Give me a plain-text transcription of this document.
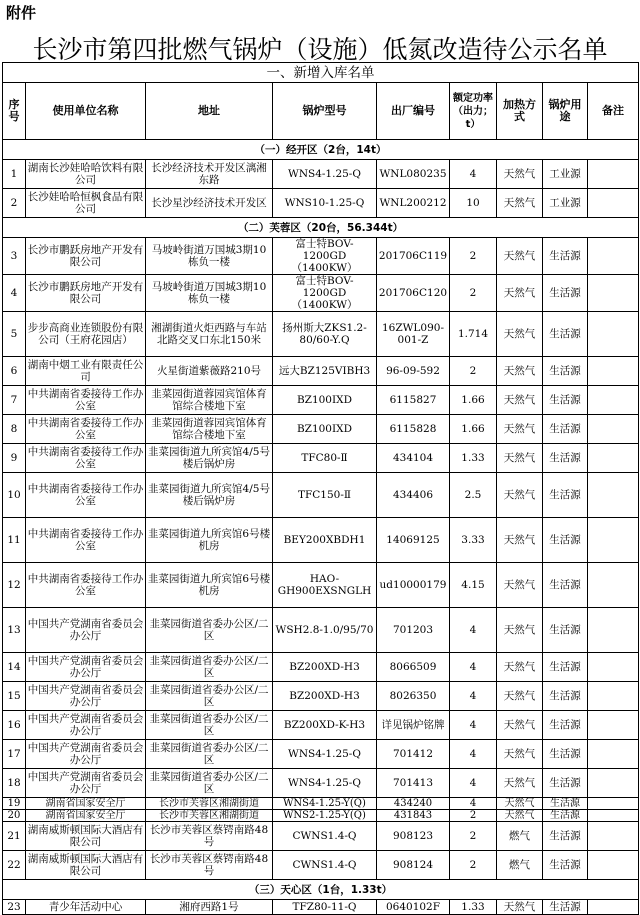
附件
长沙市第四批燃气锅炉（设施）低氮改造待公示名单
一、新增入库名单								
序号	使用单位名称	地址	锅炉型号	出厂编号	额定功率（出力；t）	加热方式	锅炉用途	备注
（一）经开区（2台，14t）								
1	湖南长沙娃哈哈饮料有限公司	长沙经济技术开发区漓湘东路	WNS4-1.25-Q	WNL080235	4	天然气	工业源	
2	长沙娃哈哈恒枫食品有限公司	长沙星沙经济技术开发区	WNS10-1.25-Q	WNL200212	10	天然气	工业源	
（二）芙蓉区（20台，56.344t）								
3	长沙市鹏跃房地产开发有限公司	马坡岭街道万国城3期10栋负一楼	富士特BOV-1200GD（1400KW）	201706C119	2	天然气	生活源	
4	长沙市鹏跃房地产开发有限公司	马坡岭街道万国城3期10栋负一楼	富士特BOV-1200GD（1400KW）	201706C120	2	天然气	生活源	
5	步步高商业连锁股份有限公司（王府花园店）	湘湖街道火炬西路与车站北路交叉口东北150米	扬州斯大ZKS1.2-80/60-Y.Q	16ZWL090-001-Z	1.714	天然气	生活源	
6	湖南中烟工业有限责任公司	火星街道紫薇路210号	远大BZ125VIBH3	96-09-592	2	天然气	生活源	
7	中共湖南省委接待工作办公室	韭菜园街道蓉园宾馆体育馆综合楼地下室	BZ100IXD	6115827	1.66	天然气	生活源	
8	中共湖南省委接待工作办公室	韭菜园街道蓉园宾馆体育馆综合楼地下室	BZ100IXD	6115828	1.66	天然气	生活源	
9	中共湖南省委接待工作办公室	韭菜园街道九所宾馆4/5号楼后锅炉房	TFC80-Ⅱ	434104	1.33	天然气	生活源	
10	中共湖南省委接待工作办公室	韭菜园街道九所宾馆4/5号楼后锅炉房	TFC150-Ⅱ	434406	2.5	天然气	生活源	
11	中共湖南省委接待工作办公室	韭菜园街道九所宾馆6号楼机房	BEY200XBDH1	14069125	3.33	天然气	生活源	
12	中共湖南省委接待工作办公室	韭菜园街道九所宾馆6号楼机房	HAO-GH900EXSNGLH	ud10000179	4.15	天然气	生活源	
13	中国共产党湖南省委员会办公厅	韭菜园街道省委办公区/二区	WSH2.8-1.0/95/70	701203	4	天然气	生活源	
14	中国共产党湖南省委员会办公厅	韭菜园街道省委办公区/二区	BZ200XD-H3	8066509	4	天然气	生活源	
15	中国共产党湖南省委员会办公厅	韭菜园街道省委办公区/二区	BZ200XD-H3	8026350	4	天然气	生活源	
16	中国共产党湖南省委员会办公厅	韭菜园街道省委办公区/二区	BZ200XD-K-H3	详见锅炉铭牌	4	天然气	生活源	
17	中国共产党湖南省委员会办公厅	韭菜园街道省委办公区/二区	WNS4-1.25-Q	701412	4	天然气	生活源	
18	中国共产党湖南省委员会办公厅	韭菜园街道省委办公区/二区	WNS4-1.25-Q	701413	4	天然气	生活源	
19	湖南省国家安全厅	长沙市芙蓉区湘湖街道	WNS4-1.25-Y(Q)	434240	4	天然气	生活源	
20	湖南省国家安全厅	长沙市芙蓉区湘湖街道	WNS2-1.25-Y(Q)	431843	2	天然气	生活源	
21	湖南威斯顿国际大酒店有限公司	长沙市芙蓉区蔡锷南路48号	CWNS1.4-Q	908123	2	燃气	生活源	
22	湖南威斯顿国际大酒店有限公司	长沙市芙蓉区蔡锷南路48号	CWNS1.4-Q	908124	2	燃气	生活源	
（三）天心区（1台，1.33t）								
23	青少年活动中心	湘府西路1号	TFZ80-11-Q	0640102F	1.33	天然气	生活源	
